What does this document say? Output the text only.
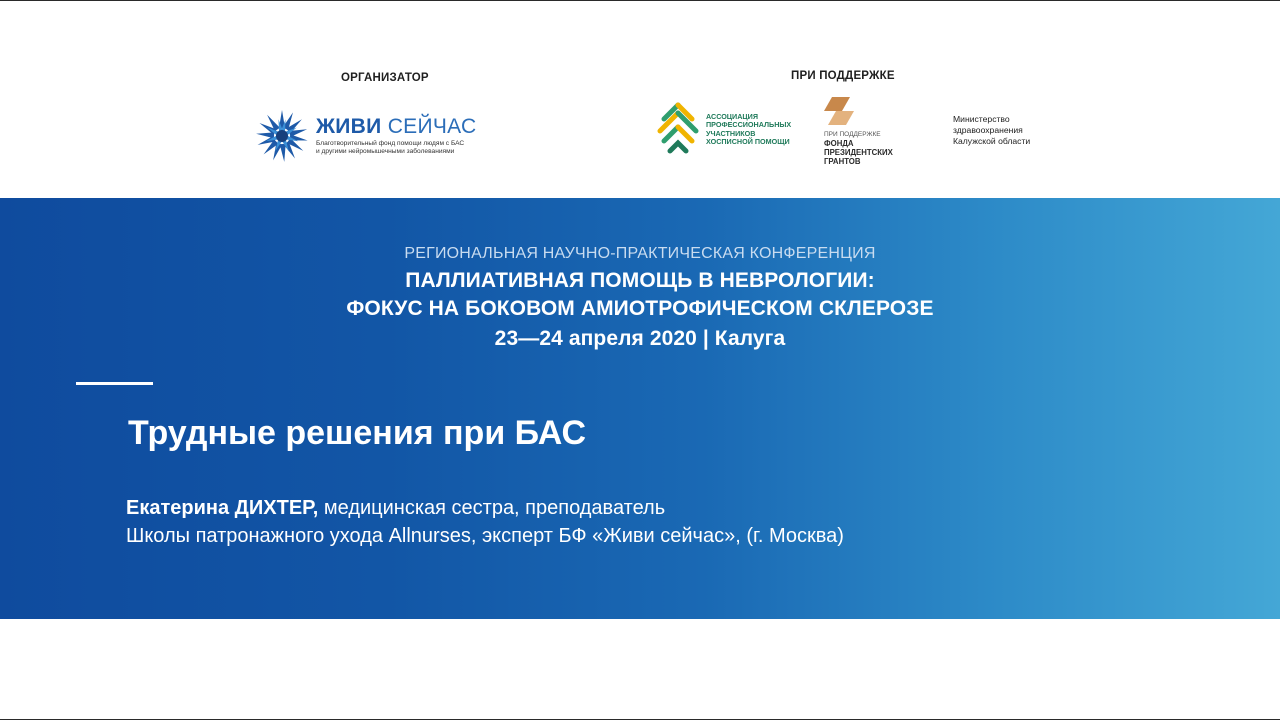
ОРГАНИЗАТОР	ПРИ ПОДДЕРЖКЕ
ЖИВИ СЕЙЧАС
Благотворительный фонд помощи людям с БАС
и другими нейромышечными заболеваниями
АССОЦИАЦИЯ
ПРОФЕССИОНАЛЬНЫХ
УЧАСТНИКОВ
ХОСПИСНОЙ ПОМОЩИ
ПРИ ПОДДЕРЖКЕ
ФОНДА
ПРЕЗИДЕНТСКИХ
ГРАНТОВ
Министерство
здравоохранения
Калужской области
РЕГИОНАЛЬНАЯ НАУЧНО-ПРАКТИЧЕСКАЯ КОНФЕРЕНЦИЯ
ПАЛЛИАТИВНАЯ ПОМОЩЬ В НЕВРОЛОГИИ:
ФОКУС НА БОКОВОМ АМИОТРОФИЧЕСКОМ СКЛЕРОЗЕ
23—24 апреля 2020 | Калуга
Трудные решения при БАС
Екатерина ДИХТЕР, медицинская сестра, преподаватель
Школы патронажного ухода Allnurses, эксперт БФ «Живи сейчас», (г. Москва)
